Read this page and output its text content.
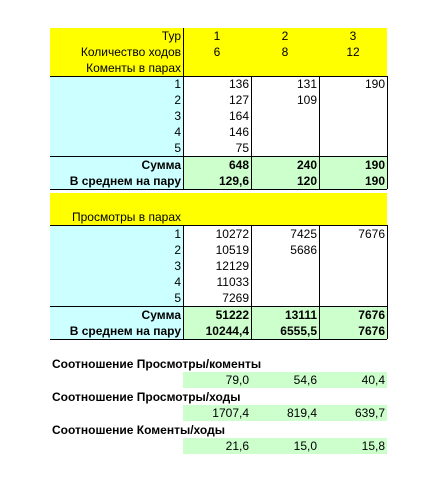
Тур	1	2	3
Количество ходов	6	8	12
Коменты в парах
1	136	131	190
2	127	109
3	164
4	146
5	75
Сумма	648	240	190
В среднем на пару	129,6	120	190
Просмотры в парах
1	10272	7425	7676
2	10519	5686
3	12129
4	11033
5	7269
Сумма	51222	13111	7676
В среднем на пару	10244,4	6555,5	7676
Соотношение Просмотры/коменты
79,0	54,6	40,4
Соотношение Просмотры/ходы
1707,4	819,4	639,7
Соотношение Коменты/ходы
21,6	15,0	15,8
